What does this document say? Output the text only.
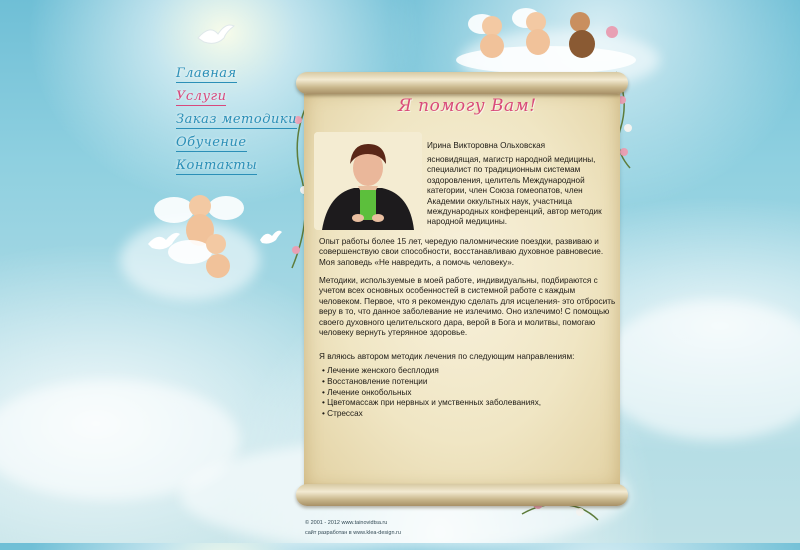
Главная
Услуги
Заказ методики
Обучение
Контакты
Я помогу Вам!
Ирина Викторовна Ольховская
ясновидящая, магистр народной медицины, специалист по традиционным системам оздоровления, целитель Международной категории, член Союза гомеопатов, член Академии оккультных наук, участница международных конференций, автор методик народной медицины.
Опыт работы более 15 лет, чередую паломнические поездки, развиваю и совершенствую свои способности, восстанавливаю духовное равновесие. Моя заповедь «Не навредить, а помочь человеку».
Методики, используемые в моей работе, индивидуальны, подбираются с учетом всех основных особенностей в системной работе с каждым человеком. Первое, что я рекомендую сделать для исцеления- это отбросить веру в то, что данное заболевание не излечимо. Оно излечимо! С помощью своего духовного целительского дара, верой в Бога и молитвы, помогаю человеку вернуть утерянное здоровье.
Я вляюсь автором методик лечения по следующим направлениям:
• Лечение женского бесплодия
• Восстановление потенции
• Лечение онкобольных
• Цветомассаж при нервных и умственных заболеваниях,
• Стрессах
© 2001 - 2012 www.tainovidtsa.ru
сайт разработан в www.klea-design.ru
